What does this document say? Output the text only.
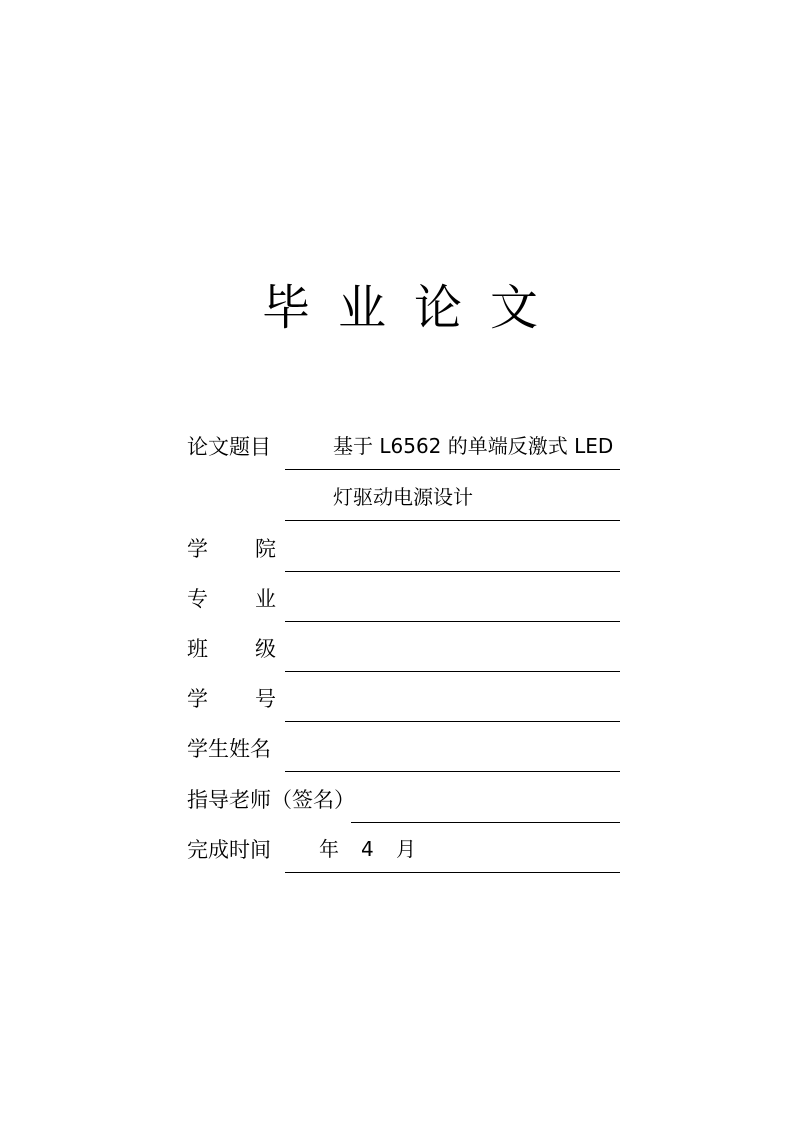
毕业论文
论文题目	基于 L6562 的单端反激式 LED
灯驱动电源设计
学 院
专 业
班 级
学 号
学生姓名
指导老师（签名）
完成时间 年 4 月
